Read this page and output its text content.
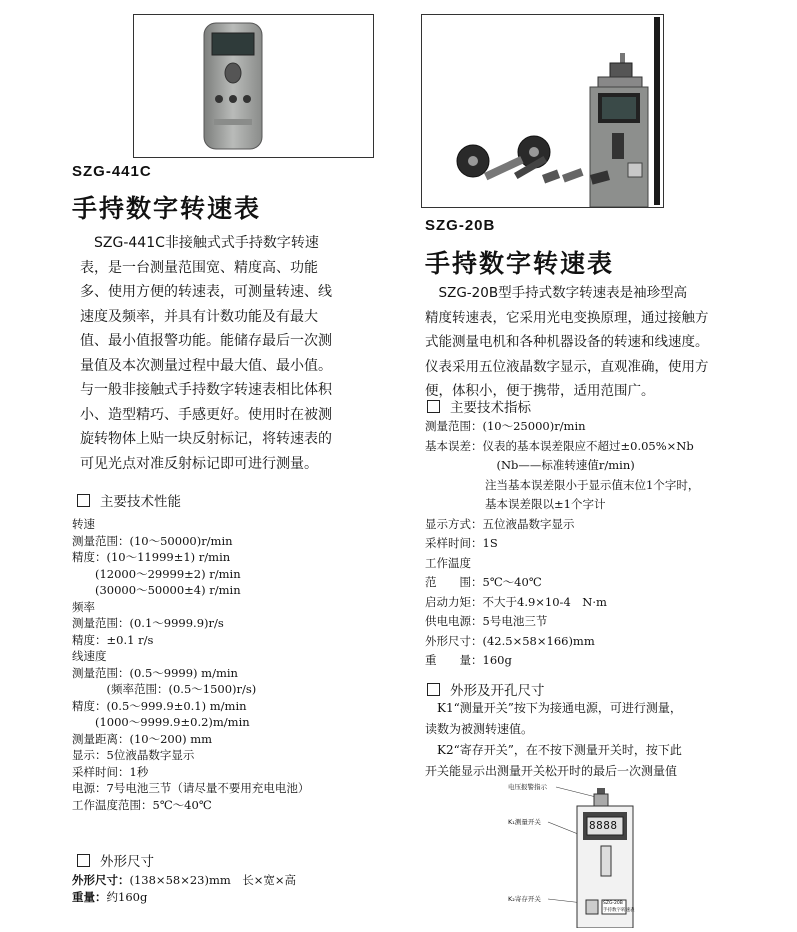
SZG-441C
手持数字转速表
　SZG-441C非接触式式手持数字转速
表，是一台测量范围宽、精度高、功能
多、使用方便的转速表，可测量转速、线
速度及频率，并具有计数功能及有最大
值、最小值报警功能。能储存最后一次测
量值及本次测量过程中最大值、最小值。
与一般非接触式手持数字转速表相比体积
小、造型精巧、手感更好。使用时在被测
旋转物体上贴一块反射标记，将转速表的
可见光点对准反射标记即可进行测量。
主要技术性能
转速
测量范围：(10～50000)r/min
精度：(10～11999±1) r/min
　　(12000～29999±2) r/min
　　(30000～50000±4) r/min
频率
测量范围：(0.1～9999.9)r/s
精度：±0.1 r/s
线速度
测量范围：(0.5～9999) m/min
　　　(频率范围：(0.5～1500)r/s)
精度：(0.5～999.9±0.1) m/min
　　(1000～9999.9±0.2)m/min
测量距离：(10～200) mm
显示：5位液晶数字显示
采样时间：1秒
电源：7号电池三节（请尽量不要用充电电池）
工作温度范围：5℃～40℃
外形尺寸
外形尺寸：(138×58×23)mm　长×宽×高
重量：约160g
SZG-20B
手持数字转速表
　SZG-20B型手持式数字转速表是袖珍型高
精度转速表，它采用光电变换原理，通过接触方
式能测量电机和各种机器设备的转速和线速度。
仪表采用五位液晶数字显示，直观准确，使用方
便，体积小，便于携带，适用范围广。
主要技术指标
测量范围：(10～25000)r/min
基本误差：仪表的基本误差限应不超过±0.05%×Nb
　(Nb——标准转速值r/min)
注当基本误差限小于显示值末位1个字时，
基本误差限以±1个字计
显示方式：五位液晶数字显示
采样时间：1S
工作温度
范　　围：5℃～40℃
启动力矩：不大于4.9×10-4　N·m
供电电源：5号电池三节
外形尺寸：(42.5×58×166)mm
重　　量：160g
外形及开孔尺寸
　K1“测量开关”按下为接通电源，可进行测量，
读数为被测转速值。
　K2“寄存开关”，在不按下测量开关时，按下此
开关能显示出测量开关松开时的最后一次测量值
电压报警指示
K₁测量开关
K₂寄存开关
8888
SZG-20B
手持数字转速表
